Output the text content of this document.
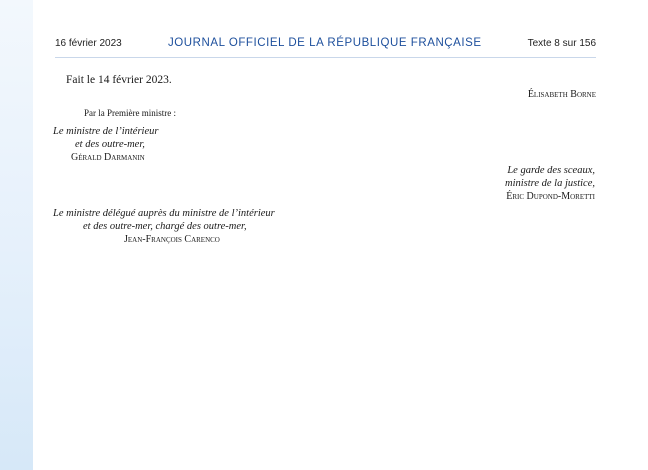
16 février 2023	JOURNAL OFFICIEL DE LA RÉPUBLIQUE FRANÇAISE	Texte 8 sur 156
Fait le 14 février 2023.
Élisabeth Borne
Par la Première ministre :
Le ministre de l’intérieur
et des outre-mer,
Gérald Darmanin
Le garde des sceaux,
ministre de la justice,
Éric Dupond-Moretti
Le ministre délégué auprès du ministre de l’intérieur
et des outre-mer, chargé des outre-mer,
Jean-François Carenco
